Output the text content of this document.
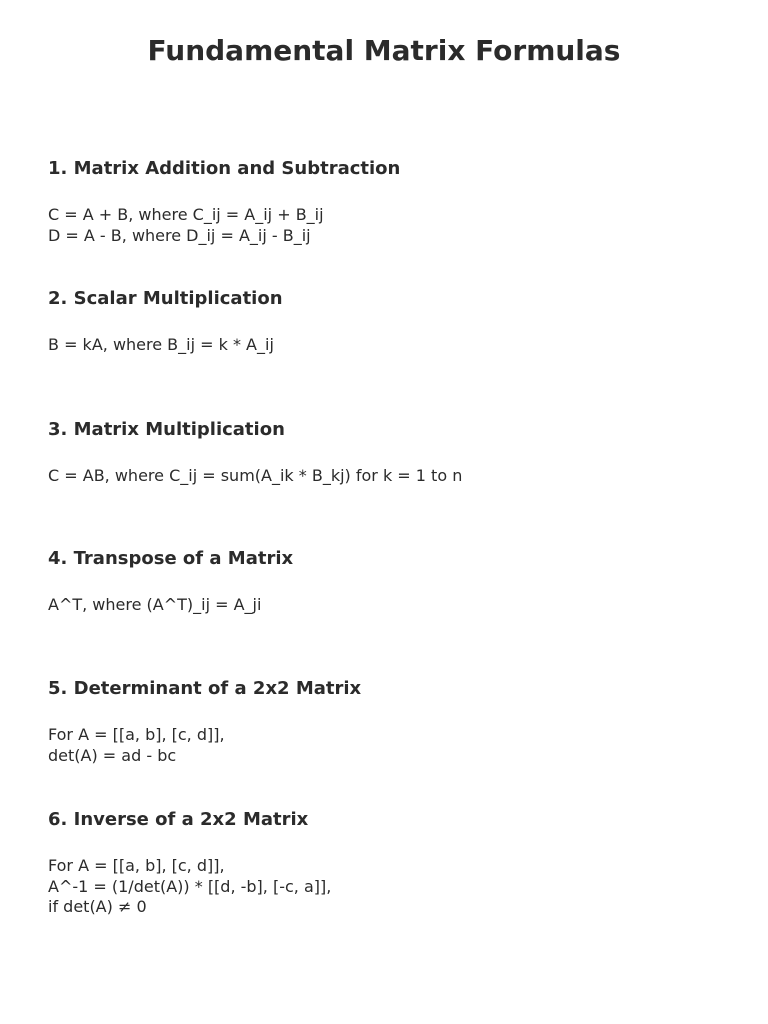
Fundamental Matrix Formulas
1. Matrix Addition and Subtraction
C = A + B, where C_ij = A_ij + B_ij
D = A - B, where D_ij = A_ij - B_ij
2. Scalar Multiplication
B = kA, where B_ij = k * A_ij
3. Matrix Multiplication
C = AB, where C_ij = sum(A_ik * B_kj) for k = 1 to n
4. Transpose of a Matrix
A^T, where (A^T)_ij = A_ji
5. Determinant of a 2x2 Matrix
For A = [[a, b], [c, d]],
det(A) = ad - bc
6. Inverse of a 2x2 Matrix
For A = [[a, b], [c, d]],
A^-1 = (1/det(A)) * [[d, -b], [-c, a]],
if det(A) ≠ 0
